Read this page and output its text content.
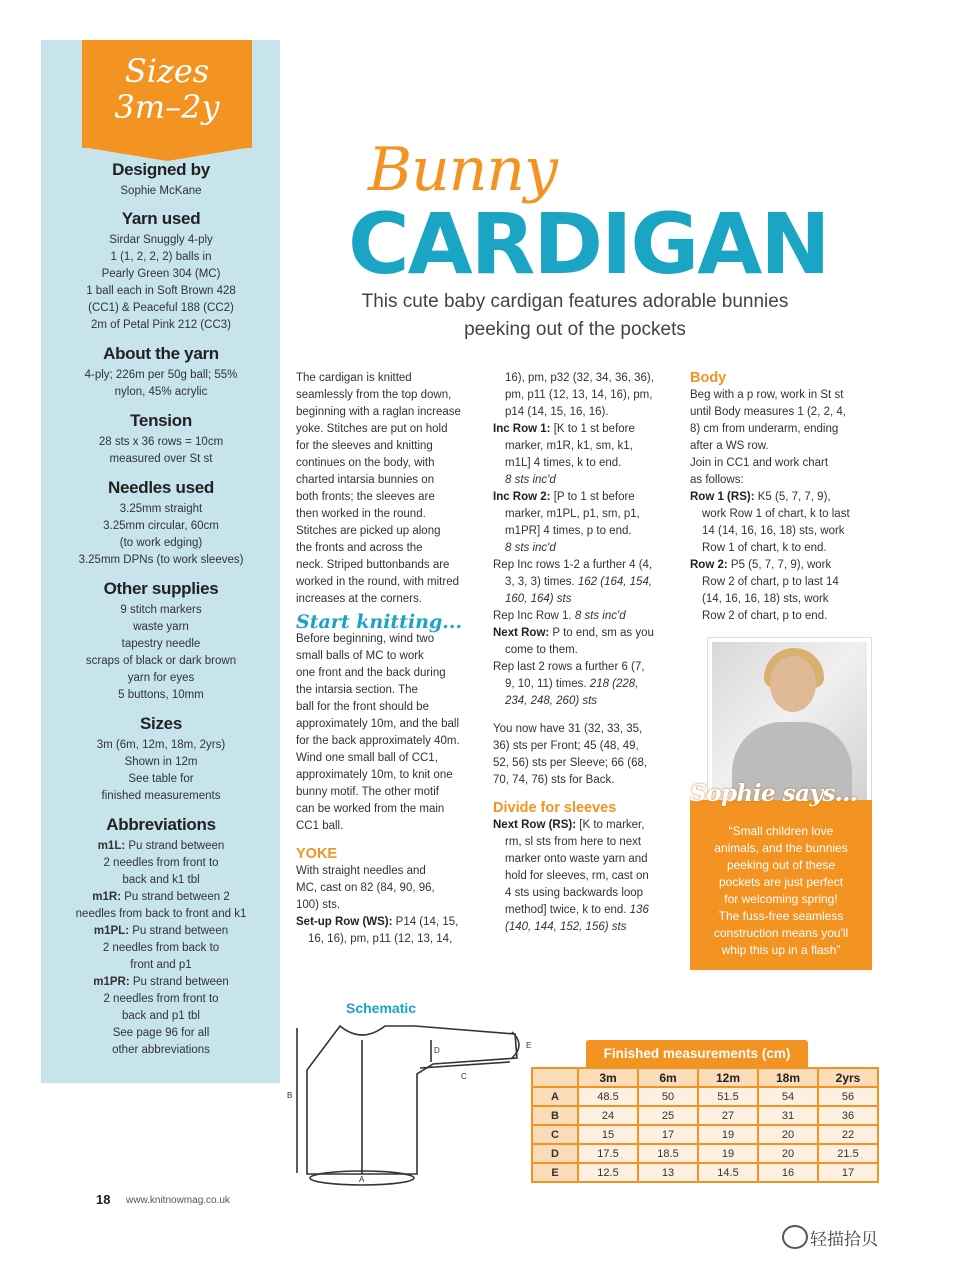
Sizes
3m–2y

Designed by

Sophie McKane

Yarn used

Sirdar Snuggly 4-ply

1 (1, 2, 2, 2) balls in

Pearly Green 304 (MC)

1 ball each in Soft Brown 428

(CC1) & Peaceful 188 (CC2)

2m of Petal Pink 212 (CC3)

About the yarn

4-ply; 226m per 50g ball; 55%

nylon, 45% acrylic

Tension

28 sts x 36 rows = 10cm

measured over St st

Needles used

3.25mm straight

3.25mm circular, 60cm

(to work edging)

3.25mm DPNs (to work sleeves)

Other supplies

9 stitch markers

waste yarn

tapestry needle

scraps of black or dark brown

yarn for eyes

5 buttons, 10mm

Sizes

3m (6m, 12m, 18m, 2yrs)

Shown in 12m

See table for

finished measurements

Abbreviations

m1L: Pu strand between

2 needles from front to

back and k1 tbl

m1R: Pu strand between 2

needles from back to front and k1

m1PL: Pu strand between

2 needles from back to

front and p1

m1PR: Pu strand between

2 needles from front to

back and p1 tbl

See page 96 for all

other abbreviations

Bunny
CARDIGAN
This cute baby cardigan features adorable bunnies
peeking out of the pockets

The cardigan is knitted

seamlessly from the top down,

beginning with a raglan increase

yoke. Stitches are put on hold

for the sleeves and knitting

continues on the body, with

charted intarsia bunnies on

both fronts; the sleeves are

then worked in the round.

Stitches are picked up along

the fronts and across the

neck. Striped buttonbands are

worked in the round, with mitred

increases at the corners.

Start knitting...

Before beginning, wind two

small balls of MC to work

one front and the back during

the intarsia section. The

ball for the front should be

approximately 10m, and the ball

for the back approximately 40m.

Wind one small ball of CC1,

approximately 10m, to knit one

bunny motif. The other motif

can be worked from the main

CC1 ball.

YOKE

With straight needles and

MC, cast on 82 (84, 90, 96,

100) sts.

Set-up Row (WS): P14 (14, 15,

16, 16), pm, p11 (12, 13, 14,

16), pm, p32 (32, 34, 36, 36),

pm, p11 (12, 13, 14, 16), pm,

p14 (14, 15, 16, 16).

Inc Row 1: [K to 1 st before

marker, m1R, k1, sm, k1,

m1L] 4 times, k to end.

8 sts inc'd

Inc Row 2: [P to 1 st before

marker, m1PL, p1, sm, p1,

m1PR] 4 times, p to end.

8 sts inc'd

Rep Inc rows 1-2 a further 4 (4,

3, 3, 3) times. 162 (164, 154,

160, 164) sts

Rep Inc Row 1. 8 sts inc'd

Next Row: P to end, sm as you

come to them.

Rep last 2 rows a further 6 (7,

9, 10, 11) times. 218 (228,

234, 248, 260) sts

You now have 31 (32, 33, 35,

36) sts per Front; 45 (48, 49,

52, 56) sts per Sleeve; 66 (68,

70, 74, 76) sts for Back.

Divide for sleeves

Next Row (RS): [K to marker,

rm, sl sts from here to next

marker onto waste yarn and

hold for sleeves, rm, cast on

4 sts using backwards loop

method] twice, k to end. 136

(140, 144, 152, 156) sts

Body

Beg with a p row, work in St st

until Body measures 1 (2, 2, 4,

8) cm from underarm, ending

after a WS row.

Join in CC1 and work chart

as follows:

Row 1 (RS): K5 (5, 7, 7, 9),

work Row 1 of chart, k to last

14 (14, 16, 16, 18) sts, work

Row 1 of chart, k to end.

Row 2: P5 (5, 7, 7, 9), work

Row 2 of chart, p to last 14

(14, 16, 16, 18) sts, work

Row 2 of chart, p to end.

Sophie says...
“Small children love
animals, and the bunnies
peeking out of these
pockets are just perfect
for welcoming spring!
The fuss-free seamless
construction means you'll
whip this up in a flash”
Schematic
B
D
C
E
A
Finished measurements (cm)
	3m	6m	12m	18m	2yrs
A	48.5	50	51.5	54	56
B	24	25	27	31	36
C	15	17	19	20	22
D	17.5	18.5	19	20	21.5
E	12.5	13	14.5	16	17
18 www.knitnowmag.co.uk
轻描拾贝
